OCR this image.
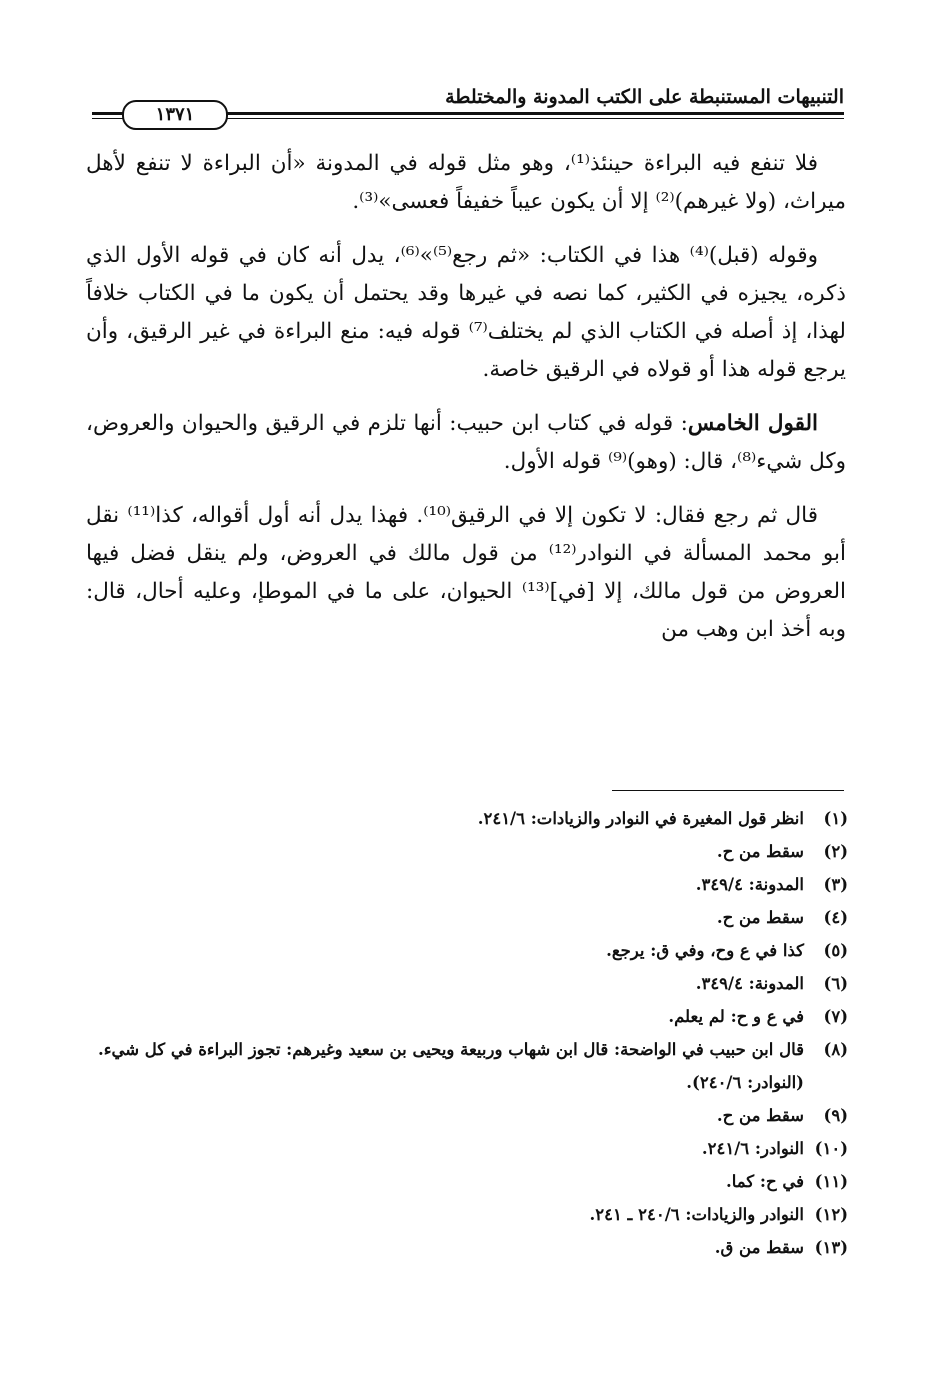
التنبيهات المستنبطة على الكتب المدونة والمختلطة
١٣٧١

فلا تنفع فيه البراءة حينئذ⁽¹⁾، وهو مثل قوله في المدونة «أن البراءة لا تنفع لأهل ميراث، (ولا غيرهم)⁽²⁾ إلا أن يكون عيباً خفيفاً فعسى»⁽³⁾.

وقوله (قبل)⁽⁴⁾ هذا في الكتاب: «ثم رجع⁽⁵⁾»⁽⁶⁾، يدل أنه كان في قوله الأول الذي ذكره، يجيزه في الكثير، كما نصه في غيرها وقد يحتمل أن يكون ما في الكتاب خلافاً لهذا، إذ أصله في الكتاب الذي لم يختلف⁽⁷⁾ قوله فيه: منع البراءة في غير الرقيق، وأن يرجع قوله هذا أو قولاه في الرقيق خاصة.

القول الخامس: قوله في كتاب ابن حبيب: أنها تلزم في الرقيق والحيوان والعروض، وكل شيء⁽⁸⁾، قال: (وهو)⁽⁹⁾ قوله الأول.

قال ثم رجع فقال: لا تكون إلا في الرقيق⁽¹⁰⁾. فهذا يدل أنه أول أقواله، كذا⁽¹¹⁾ نقل أبو محمد المسألة في النوادر⁽¹²⁾ من قول مالك في العروض، ولم ينقل فضل فيها العروض من قول مالك، إلا [في]⁽¹³⁾ الحيوان، على ما في الموطإ، وعليه أحال، قال: وبه أخذ ابن وهب من

(١)
انظر قول المغيرة في النوادر والزيادات: ٢٤١/٦.
(٢)
سقط من ح.
(٣)
المدونة: ٣٤٩/٤.
(٤)
سقط من ح.
(٥)
كذا في ع وح، وفي ق: يرجع.
(٦)
المدونة: ٣٤٩/٤.
(٧)
في ع و ح: لم يعلم.
(٨)
قال ابن حبيب في الواضحة: قال ابن شهاب وربيعة ويحيى بن سعيد وغيرهم: تجوز البراءة في كل شيء. (النوادر: ٢٤٠/٦).
(٩)
سقط من ح.
(١٠)
النوادر: ٢٤١/٦.
(١١)
في ح: كما.
(١٢)
النوادر والزيادات: ٢٤٠/٦ ـ ٢٤١.
(١٣)
سقط من ق.
